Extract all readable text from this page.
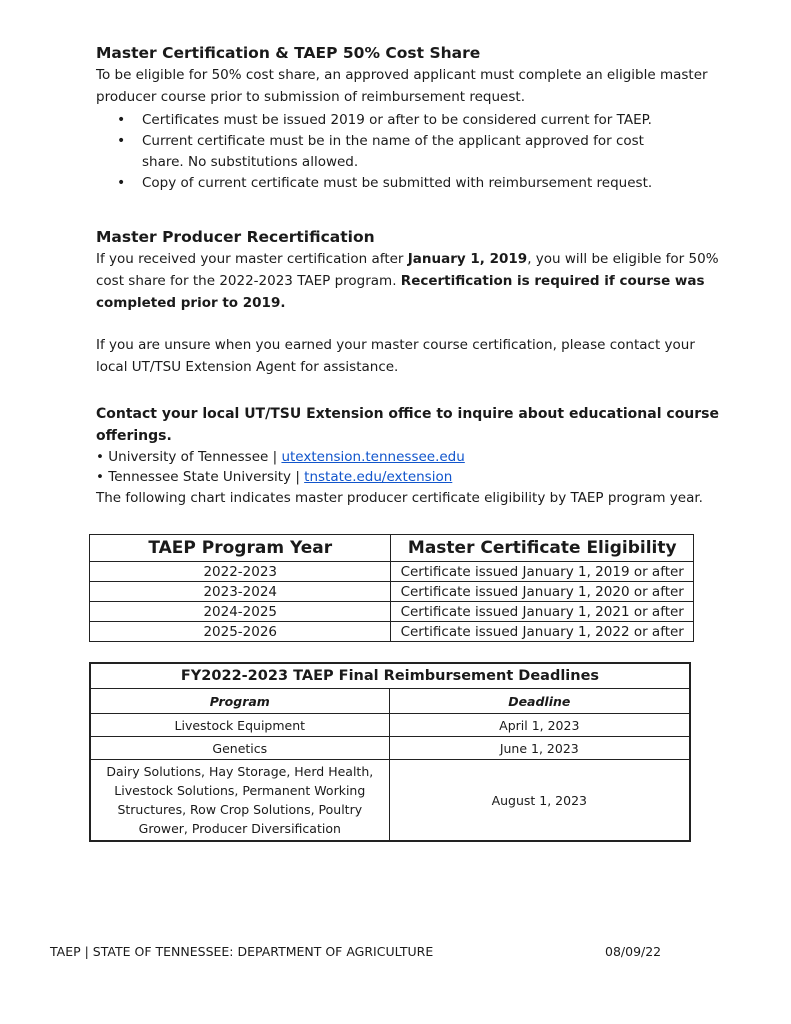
Master Certification & TAEP 50% Cost Share

To be eligible for 50% cost share, an approved applicant must complete an eligible master producer course prior to submission of reimbursement request.

• Certificates must be issued 2019 or after to be considered current for TAEP.
• Current certificate must be in the name of the applicant approved for cost share. No substitutions allowed.
• Copy of current certificate must be submitted with reimbursement request.
Master Producer Recertification

If you received your master certification after January 1, 2019, you will be eligible for 50% cost share for the 2022-2023 TAEP program. Recertification is required if course was completed prior to 2019.

If you are unsure when you earned your master course certification, please contact your local UT/TSU Extension Agent for assistance.

Contact your local UT/TSU Extension office to inquire about educational course offerings.
• University of Tennessee | utextension.tennessee.edu
• Tennessee State University | tnstate.edu/extension

The following chart indicates master producer certificate eligibility by TAEP program year.

TAEP Program Year	Master Certificate Eligibility
2022-2023	Certificate issued January 1, 2019 or after
2023-2024	Certificate issued January 1, 2020 or after
2024-2025	Certificate issued January 1, 2021 or after
2025-2026	Certificate issued January 1, 2022 or after
FY2022-2023 TAEP Final Reimbursement Deadlines	
Program	Deadline
Livestock Equipment	April 1, 2023
Genetics	June 1, 2023
Dairy Solutions, Hay Storage, Herd Health, Livestock Solutions, Permanent Working Structures, Row Crop Solutions, Poultry Grower, Producer Diversification	August 1, 2023
TAEP | STATE OF TENNESSEE: DEPARTMENT OF AGRICULTURE	08/09/22
